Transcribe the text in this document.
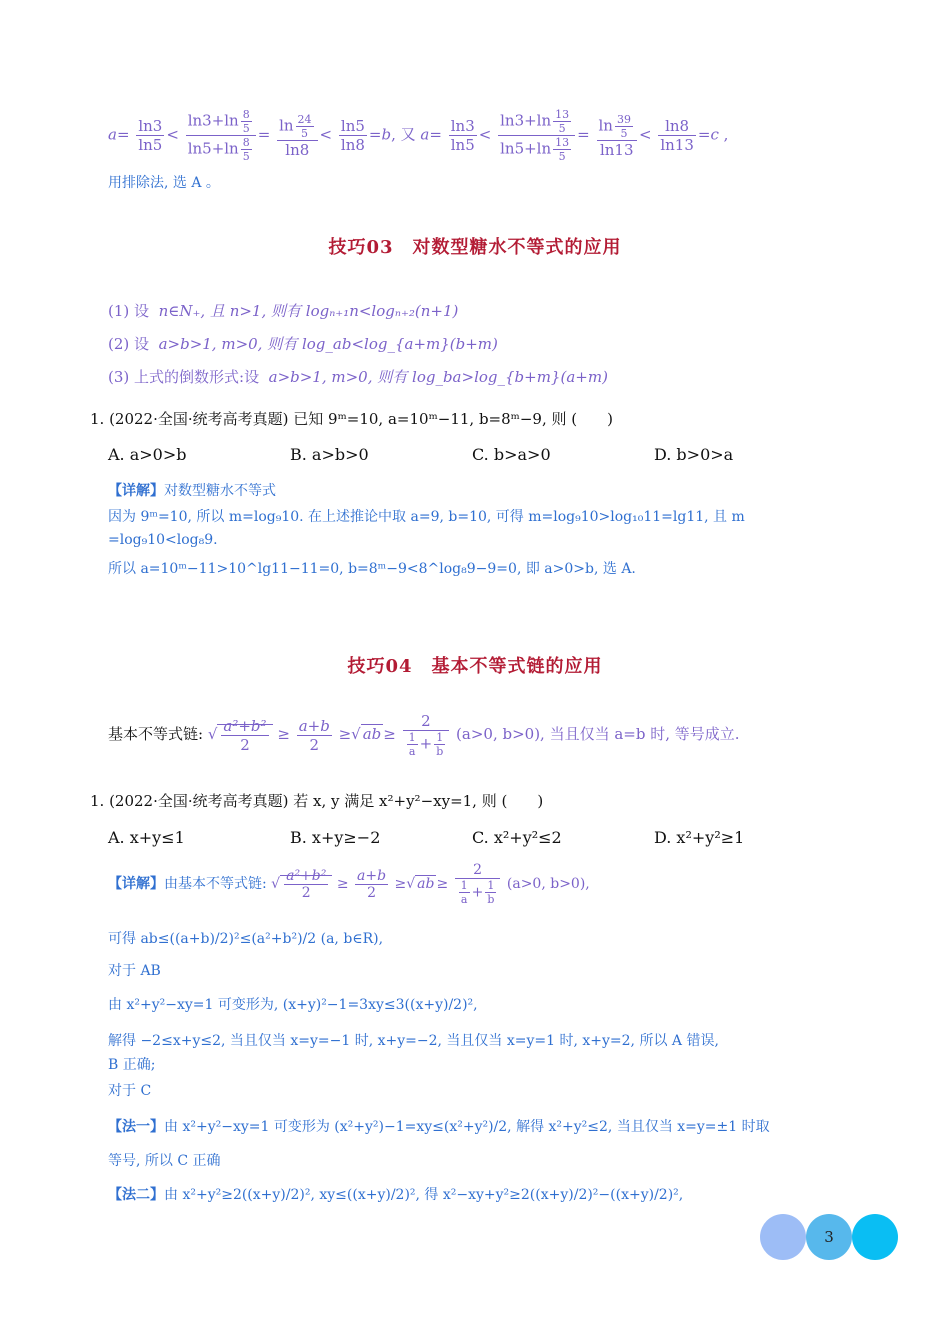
$a= \frac{\ln 3}{\ln 5} < \frac{\ln 3+\ln \frac{8}{5}}{\ln 5+\ln \frac{8}{5}} = \frac{\ln \frac{24}{5}}{\ln 8} < \frac{\ln 5}{\ln 8} =b$, 又 $a= \frac{\ln 3}{\ln 5} < \frac{\ln 3+\ln \frac{13}{5}}{\ln 5+\ln \frac{13}{5}} = \frac{\ln \frac{39}{5}}{\ln 13} < \frac{\ln 8}{\ln 13} =c$ ,
用排除法, 选 A 。
技巧03　对数型糖水不等式的应用
(1) 设 n∈N₊, 且 n>1, 则有 logₙ₊₁n<logₙ₊₂(n+1)
(2) 设 a>b>1, m>0, 则有 log_ab<log_{a+m}(b+m)
(3) 上式的倒数形式:设 a>b>1, m>0, 则有 log_ba>log_{b+m}(a+m)
1. (2022·全国·统考高考真题) 已知 9ᵐ=10, a=10ᵐ−11, b=8ᵐ−9, 则 (　　)
A. a>0>b	B. a>b>0	C. b>a>0	D. b>0>a
【详解】对数型糖水不等式
因为 9ᵐ=10, 所以 m=log₉10. 在上述推论中取 a=9, b=10, 可得 m=log₉10>log₁₀11=lg11, 且 m
=log₉10<log₈9.
所以 a=10ᵐ−11>10^lg11−11=0, b=8ᵐ−9<8^log₈9−9=0, 即 a>0>b, 选 A.
技巧04　基本不等式链的应用
基本不等式链: √ $\frac{\text{a²+b²}}{2} \ge \frac{a+b}{2}$ ≥√ ab ≥ $\frac{2}{\frac{1}{a} + \frac{1}{b}} (a>0$, b>0), 当且仅当 a=b 时, 等号成立.
1. (2022·全国·统考高考真题) 若 x, y 满足 x²+y²−xy=1, 则 (　　)
A. x+y≤1	B. x+y≥−2	C. x²+y²≤2	D. x²+y²≥1
【详解】由基本不等式链: √ $\frac{\text{a²+b²}}{2} \ge \frac{a+b}{2}$ ≥√ ab ≥ $\frac{2}{\frac{1}{a} + \frac{1}{b}} (a>0$, b>0),
可得 ab≤((a+b)/2)²≤(a²+b²)/2 (a, b∈R),
对于 AB
由 x²+y²−xy=1 可变形为, (x+y)²−1=3xy≤3((x+y)/2)²,
解得 −2≤x+y≤2, 当且仅当 x=y=−1 时, x+y=−2, 当且仅当 x=y=1 时, x+y=2, 所以 A 错误,
B 正确;
对于 C
【法一】由 x²+y²−xy=1 可变形为 (x²+y²)−1=xy≤(x²+y²)/2, 解得 x²+y²≤2, 当且仅当 x=y=±1 时取
等号, 所以 C 正确
【法二】由 x²+y²≥2((x+y)/2)², xy≤((x+y)/2)², 得 x²−xy+y²≥2((x+y)/2)²−((x+y)/2)²,
3
